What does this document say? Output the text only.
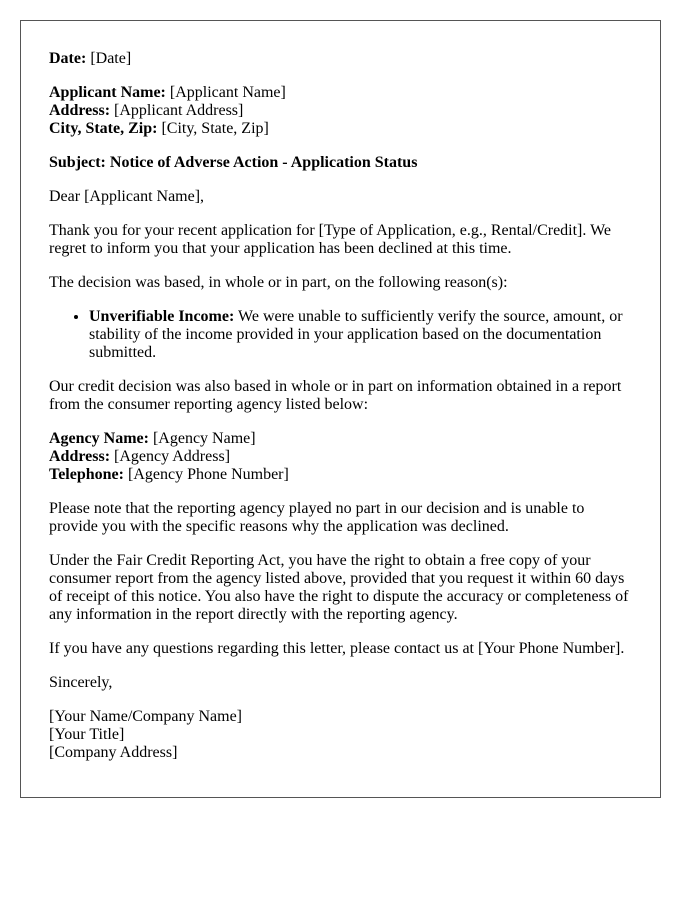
Date: [Date]

Applicant Name: [Applicant Name]
Address: [Applicant Address]
City, State, Zip: [City, State, Zip]

Subject: Notice of Adverse Action - Application Status

Dear [Applicant Name],

Thank you for your recent application for [Type of Application, e.g., Rental/Credit]. We regret to inform you that your application has been declined at this time.

The decision was based, in whole or in part, on the following reason(s):

• Unverifiable Income: We were unable to sufficiently verify the source, amount, or stability of the income provided in your application based on the documentation submitted.

Our credit decision was also based in whole or in part on information obtained in a report from the consumer reporting agency listed below:

Agency Name: [Agency Name]
Address: [Agency Address]
Telephone: [Agency Phone Number]

Please note that the reporting agency played no part in our decision and is unable to provide you with the specific reasons why the application was declined.

Under the Fair Credit Reporting Act, you have the right to obtain a free copy of your consumer report from the agency listed above, provided that you request it within 60 days of receipt of this notice. You also have the right to dispute the accuracy or completeness of any information in the report directly with the reporting agency.

If you have any questions regarding this letter, please contact us at [Your Phone Number].

Sincerely,

[Your Name/Company Name]
[Your Title]
[Company Address]
